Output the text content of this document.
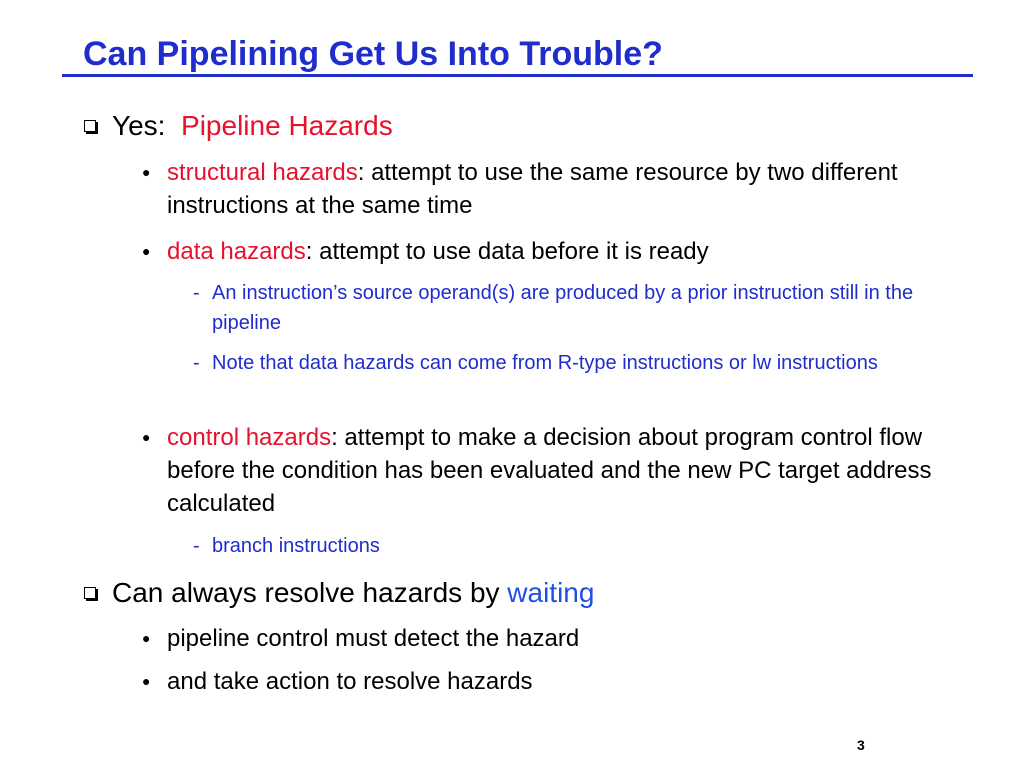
Can Pipelining Get Us Into Trouble?
Yes: Pipeline Hazards
● structural hazards: attempt to use the same resource by two different instructions at the same time
● data hazards: attempt to use data before it is ready
- An instruction’s source operand(s) are produced by a prior instruction still in the pipeline
- Note that data hazards can come from R-type instructions or lw instructions
● control hazards: attempt to make a decision about program control flow before the condition has been evaluated and the new PC target address calculated
- branch instructions
Can always resolve hazards by waiting
● pipeline control must detect the hazard
● and take action to resolve hazards
3
